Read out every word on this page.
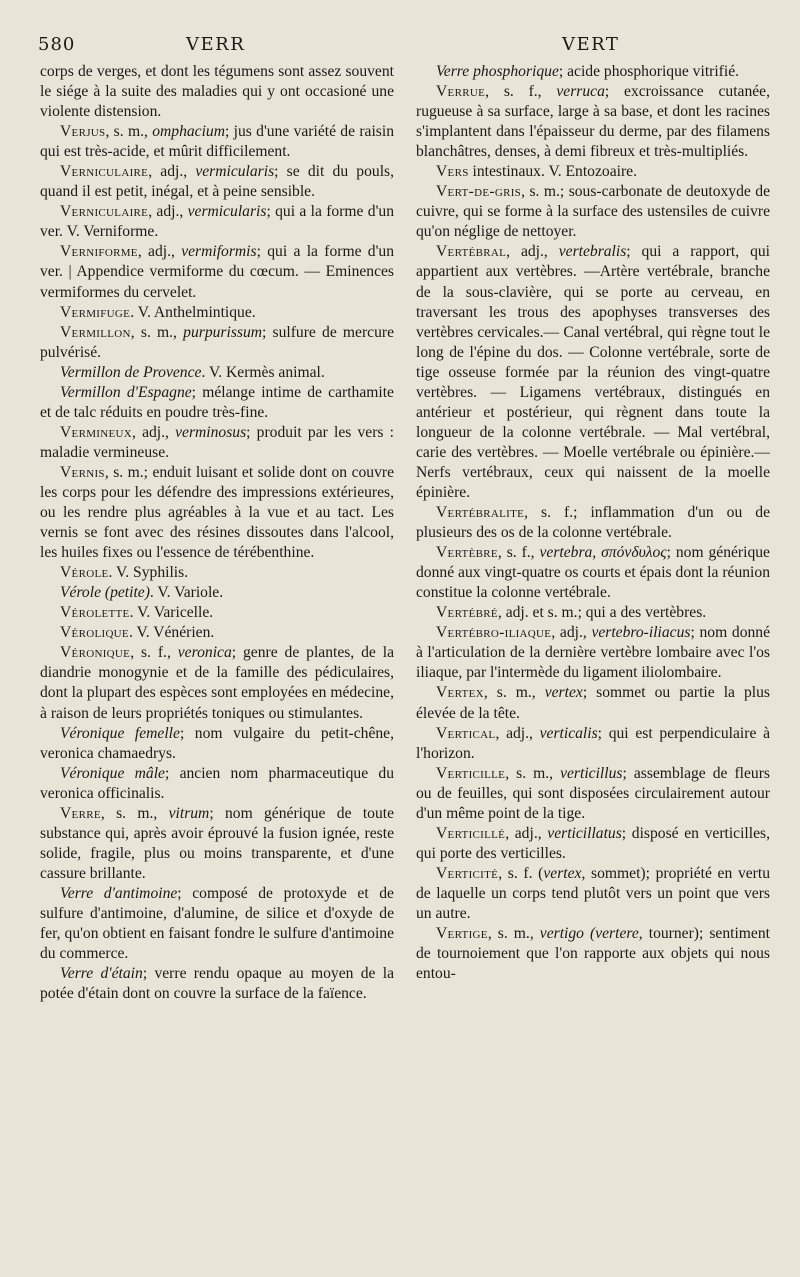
580	VERR	VERT

corps de verges, et dont les tégumens sont assez souvent le siége à la suite des maladies qui y ont occasioné une violente distension.

Verjus, s. m., omphacium; jus d'une variété de raisin qui est très-acide, et mûrit difficilement.

Verniculaire, adj., vermicularis; se dit du pouls, quand il est petit, inégal, et à peine sensible.

Verniculaire, adj., vermicularis; qui a la forme d'un ver. V. Verniforme.

Verniforme, adj., vermiformis; qui a la forme d'un ver. | Appendice vermiforme du cœcum. — Eminences vermiformes du cervelet.

Vermifuge. V. Anthelmintique.

Vermillon, s. m., purpurissum; sulfure de mercure pulvérisé.

Vermillon de Provence. V. Kermès animal.

Vermillon d'Espagne; mélange intime de carthamite et de talc réduits en poudre très-fine.

Vermineux, adj., verminosus; produit par les vers : maladie vermineuse.

Vernis, s. m.; enduit luisant et solide dont on couvre les corps pour les défendre des impressions extérieures, ou les rendre plus agréables à la vue et au tact. Les vernis se font avec des résines dissoutes dans l'alcool, les huiles fixes ou l'essence de térébenthine.

Vérole. V. Syphilis.

Vérole (petite). V. Variole.

Vérolette. V. Varicelle.

Vérolique. V. Vénérien.

Véronique, s. f., veronica; genre de plantes, de la diandrie monogynie et de la famille des pédiculaires, dont la plupart des espèces sont employées en médecine, à raison de leurs propriétés toniques ou stimulantes.

Véronique femelle; nom vulgaire du petit-chêne, veronica chamaedrys.

Véronique mâle; ancien nom pharmaceutique du veronica officinalis.

Verre, s. m., vitrum; nom générique de toute substance qui, après avoir éprouvé la fusion ignée, reste solide, fragile, plus ou moins transparente, et d'une cassure brillante.

Verre d'antimoine; composé de protoxyde et de sulfure d'antimoine, d'alumine, de silice et d'oxyde de fer, qu'on obtient en faisant fondre le sulfure d'antimoine du commerce.

Verre d'étain; verre rendu opaque au moyen de la potée d'étain dont on couvre la surface de la faïence.

Verre phosphorique; acide phosphorique vitrifié.

Verrue, s. f., verruca; excroissance cutanée, rugueuse à sa surface, large à sa base, et dont les racines s'implantent dans l'épaisseur du derme, par des filamens blanchâtres, denses, à demi fibreux et très-multipliés.

Vers intestinaux. V. Entozoaire.

Vert-de-gris, s. m.; sous-carbonate de deutoxyde de cuivre, qui se forme à la surface des ustensiles de cuivre qu'on néglige de nettoyer.

Vertébral, adj., vertebralis; qui a rapport, qui appartient aux vertèbres. —Artère vertébrale, branche de la sous-clavière, qui se porte au cerveau, en traversant les trous des apophyses transverses des vertèbres cervicales.— Canal vertébral, qui règne tout le long de l'épine du dos. — Colonne vertébrale, sorte de tige osseuse formée par la réunion des vingt-quatre vertèbres. — Ligamens vertébraux, distingués en antérieur et postérieur, qui règnent dans toute la longueur de la colonne vertébrale. — Mal vertébral, carie des vertèbres. — Moelle vertébrale ou épinière.—Nerfs vertébraux, ceux qui naissent de la moelle épinière.

Vertébralite, s. f.; inflammation d'un ou de plusieurs des os de la colonne vertébrale.

Vertèbre, s. f., vertebra, σπόνδυλος; nom générique donné aux vingt-quatre os courts et épais dont la réunion constitue la colonne vertébrale.

Vertébré, adj. et s. m.; qui a des vertèbres.

Vertébro-iliaque, adj., vertebro-iliacus; nom donné à l'articulation de la dernière vertèbre lombaire avec l'os iliaque, par l'intermède du ligament iliolombaire.

Vertex, s. m., vertex; sommet ou partie la plus élevée de la tête.

Vertical, adj., verticalis; qui est perpendiculaire à l'horizon.

Verticille, s. m., verticillus; assemblage de fleurs ou de feuilles, qui sont disposées circulairement autour d'un même point de la tige.

Verticillé, adj., verticillatus; disposé en verticilles, qui porte des verticilles.

Verticité, s. f. (vertex, sommet); propriété en vertu de laquelle un corps tend plutôt vers un point que vers un autre.

Vertige, s. m., vertigo (vertere, tourner); sentiment de tournoiement que l'on rapporte aux objets qui nous entou-
